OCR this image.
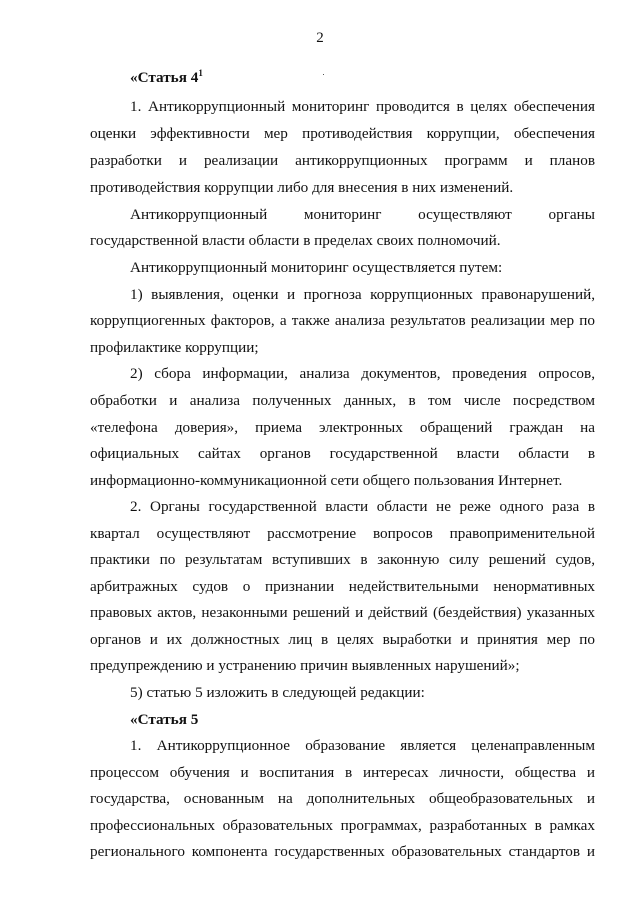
2
«Статья $4^1$
1. Антикоррупционный мониторинг проводится в целях обеспечения
оценки эффективности мер противодействия коррупции, обеспечения
разработки и реализации антикоррупционных программ и планов
противодействия коррупции либо для внесения в них изменений.
Антикоррупционный мониторинг осуществляют органы
государственной власти области в пределах своих полномочий.
Антикоррупционный мониторинг осуществляется путем:
1) выявления, оценки и прогноза коррупционных правонарушений,
коррупциогенных факторов, а также анализа результатов реализации мер по
профилактике коррупции;
2) сбора информации, анализа документов, проведения опросов,
обработки и анализа полученных данных, в том числе посредством
«телефона доверия», приема электронных обращений граждан на
официальных сайтах органов государственной власти области в
информационно-коммуникационной сети общего пользования Интернет.
2. Органы государственной власти области не реже одного раза в
квартал осуществляют рассмотрение вопросов правоприменительной
практики по результатам вступивших в законную силу решений судов,
арбитражных судов о признании недействительными ненормативных
правовых актов, незаконными решений и действий (бездействия) указанных
органов и их должностных лиц в целях выработки и принятия мер по
предупреждению и устранению причин выявленных нарушений»;
5) статью 5 изложить в следующей редакции:
«Статья 5
1. Антикоррупционное образование является целенаправленным
процессом обучения и воспитания в интересах личности, общества и
государства, основанным на дополнительных общеобразовательных и
профессиональных образовательных программах, разработанных в рамках
регионального компонента государственных образовательных стандартов и
